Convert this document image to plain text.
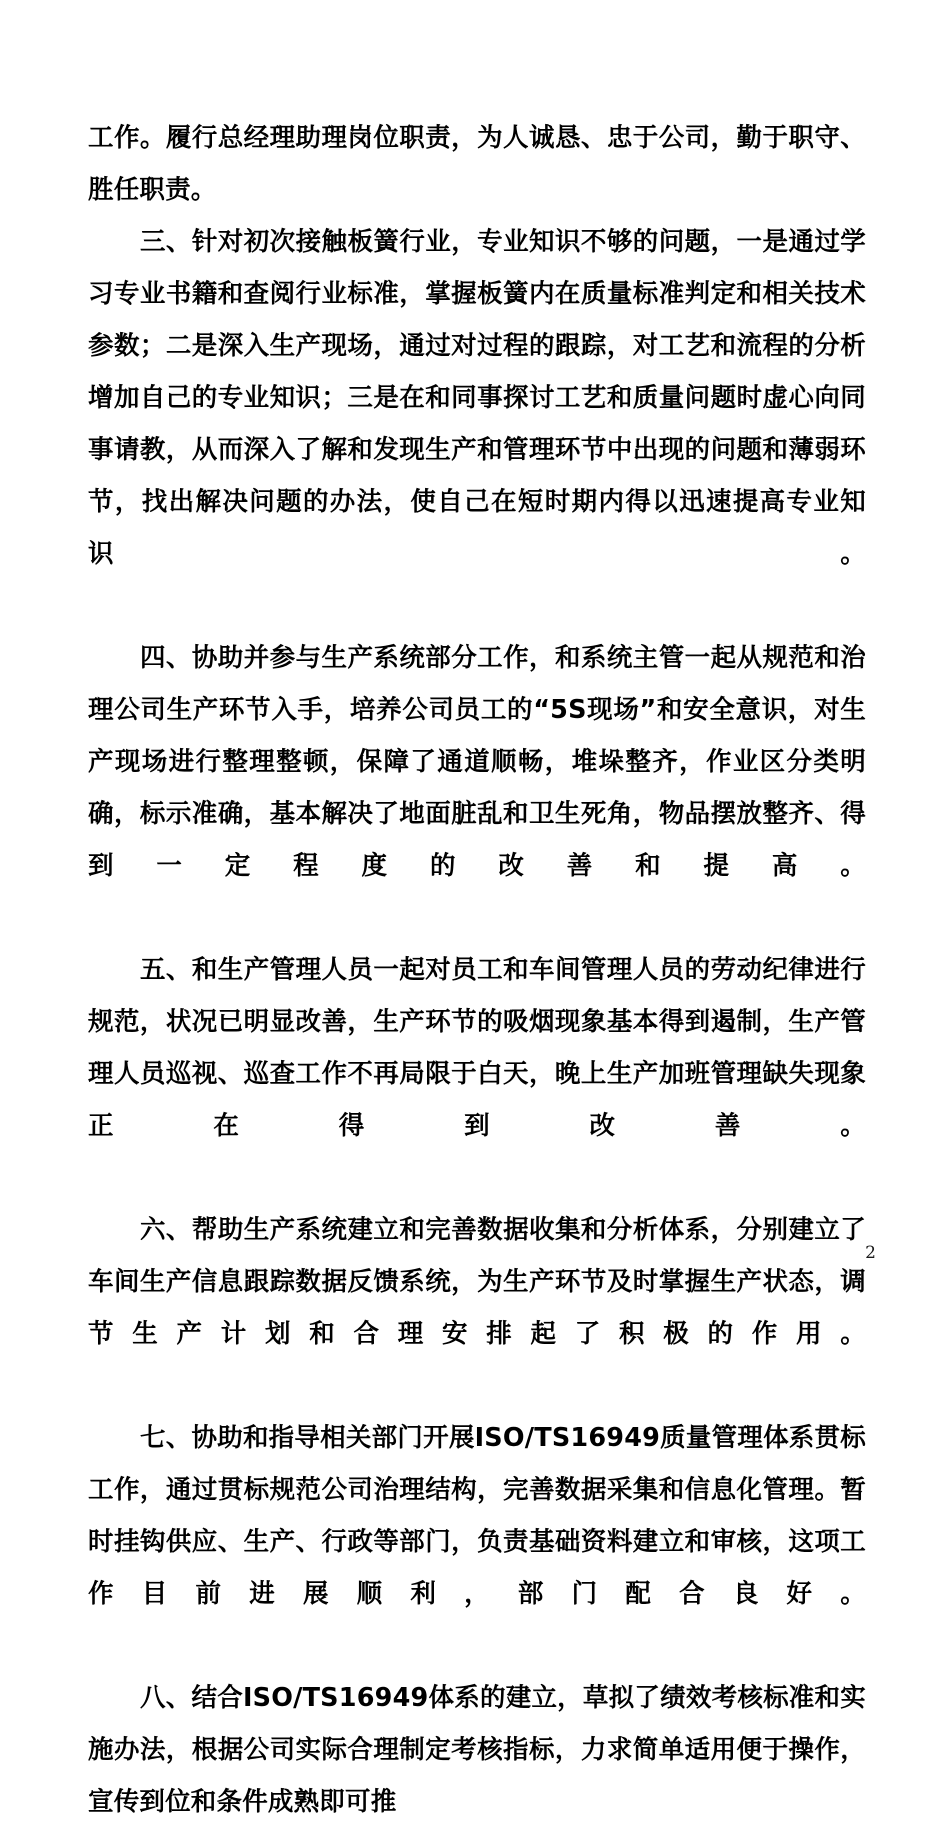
工作。履行总经理助理岗位职责，为人诚恳、忠于公司，勤于职守、胜任职责。

三、针对初次接触板簧行业，专业知识不够的问题，一是通过学习专业书籍和查阅行业标准，掌握板簧内在质量标准判定和相关技术参数；二是深入生产现场，通过对过程的跟踪，对工艺和流程的分析增加自己的专业知识；三是在和同事探讨工艺和质量问题时虚心向同事请教，从而深入了解和发现生产和管理环节中出现的问题和薄弱环节，找出解决问题的办法，使自己在短时期内得以迅速提高专业知识。

四、协助并参与生产系统部分工作，和系统主管一起从规范和治理公司生产环节入手，培养公司员工的“5S现场”和安全意识，对生产现场进行整理整顿，保障了通道顺畅，堆垛整齐，作业区分类明确，标示准确，基本解决了地面脏乱和卫生死角，物品摆放整齐、得到一定程度的改善和提高。

五、和生产管理人员一起对员工和车间管理人员的劳动纪律进行规范，状况已明显改善，生产环节的吸烟现象基本得到遏制，生产管理人员巡视、巡查工作不再局限于白天，晚上生产加班管理缺失现象正在得到改善。

六、帮助生产系统建立和完善数据收集和分析体系，分别建立了车间生产信息跟踪数据反馈系统，为生产环节及时掌握生产状态，调节生产计划和合理安排起了积极的作用。

七、协助和指导相关部门开展ISO/TS16949质量管理体系贯标工作，通过贯标规范公司治理结构，完善数据采集和信息化管理。暂时挂钩供应、生产、行政等部门，负责基础资料建立和审核，这项工作目前进展顺利，部门配合良好。

八、结合ISO/TS16949体系的建立，草拟了绩效考核标准和实施办法，根据公司实际合理制定考核指标，力求简单适用便于操作，宣传到位和条件成熟即可推

2
